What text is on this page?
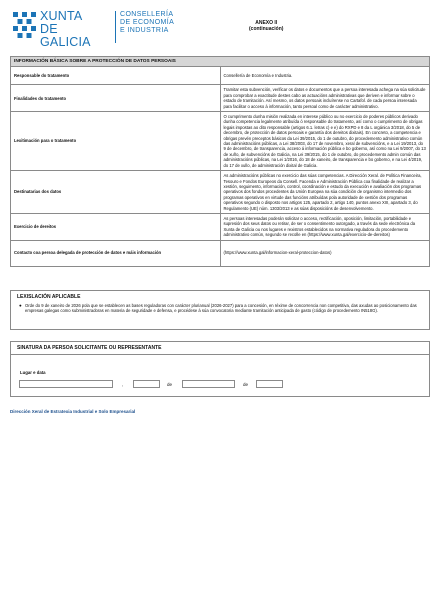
XUNTA
DE GALICIA
CONSELLERÍA
DE ECONOMÍA
E INDUSTRIA
ANEXO II
(continuación)
INFORMACIÓN BÁSICA SOBRE A PROTECCIÓN DE DATOS PERSOAIS	
Responsable do tratamento	Consellería de Economía e Industria.
Finalidades do tratamento	Tramitar esta subvención, verificar os datos e documentos que a persoa interesada achega na súa solicitude para comprobar a exactitude destes cabo as actuacións administrativas que deriven e informar sobre o estado de tramitación. Así mesmo, os datos persoais incluírense no Cartafol. de cada persoa interesada para facilitar o acceso á información, tanto persoal como de carácter administrativo.
Lexitimación para o tratamento	O cumprimento dunha misión realizada en interese público ou no exercicio de poderes públicos derivado dunha competencia legalmente atribuída ó responsable do tratamento, así como o cumprimento de obrigas legais impostas ao dito responsable (artigos 6.1. letras c) e e) do RXPD e 8 da L orgánica 3/2018, do 5 de decembro, de protección de datos persoais e garantía dos dereitos dixitais). En concreto, a competencia e obrigas prevén preceptos básicos da Lei 39/2015, do 1 de outubro, do procedemento administrativo común das administracións públicas, a Lei 38/2003, do 17 de novembro, xeral de subvencións, e a Lei 19/2013, do 9 de decembro, de transparencia, acceso á información pública e bo goberno, así como na Lei 9/2007, do 13 de xuño, de subvencións de Galicia, na Lei 39/2015, do 1 de outubro, do procedemento admin común das administracións públicas, na Lei 1/2016, do 18 de xaneiro, de transparencia e bo goberno, e na Lei 4/2019, do 17 de xullo, de administración dixital de Galicia.
Destinatarias dos datos	As administracións públicas no exercicio das súas competencias. A Dirección Xeral. de Política Financeira, Tesouro e Fondos Europeos da Consell. Facenda e Administración Pública coa finalidade de realizar a xestión, seguimento, información, control, coordinación e estudo da execución e avaliación dos programas operativos dos fondos procedentes da Unión Europea na súa condición de organismo intermedio dos programas operativos en virtude das funcións atribuídas pola autoridade de xestión dos programas operativos segundo o disposto nos artigos 125, apartado 2, artigo 140, puntos anexo XIII, apartado 3, do Regulamento (UE) núm. 1303/2013 e as súas disposicións de desenvolvemento.
Exercicio de dereitos	As persoas interesadas poderán solicitar o acceso, rectificación, oposición, limitación, portabilidade e supresión dos seus datos ou retirar, de ser o consentimento outorgado, a través da sede electrónica da Xunta de Galicia ou nos lugares e rexistros establecidos na normativa reguladora do procedemento administrativo común, segundo se recolle en (https://www.xunta.gal/exercicio-de-dereitos)
Contacto coa persoa delegada de protección de datos e máis información	(https://www.xunta.gal/informacion-xeral-proteccion-datos)
LEXISLACIÓN APLICABLE
● Orde do 9 de xaneiro de 2026 pola que se establecen as bases reguladoras con carácter plurianual (2026-2027) para a concesión, en réxime de concorrencia non competitiva, das axudas ao posicionamento das empresas galegas como subministradoras en materia de seguridade e defensa, e procédese á súa convocatoria mediante tramitación anticipada de gasto (código de procedemento IN518G).
SINATURA DA PERSOA SOLICITANTE OU REPRESENTANTE
Lugar e data
,	de	de
Dirección Xeral de Estratexia Industrial e Solo Empresarial
